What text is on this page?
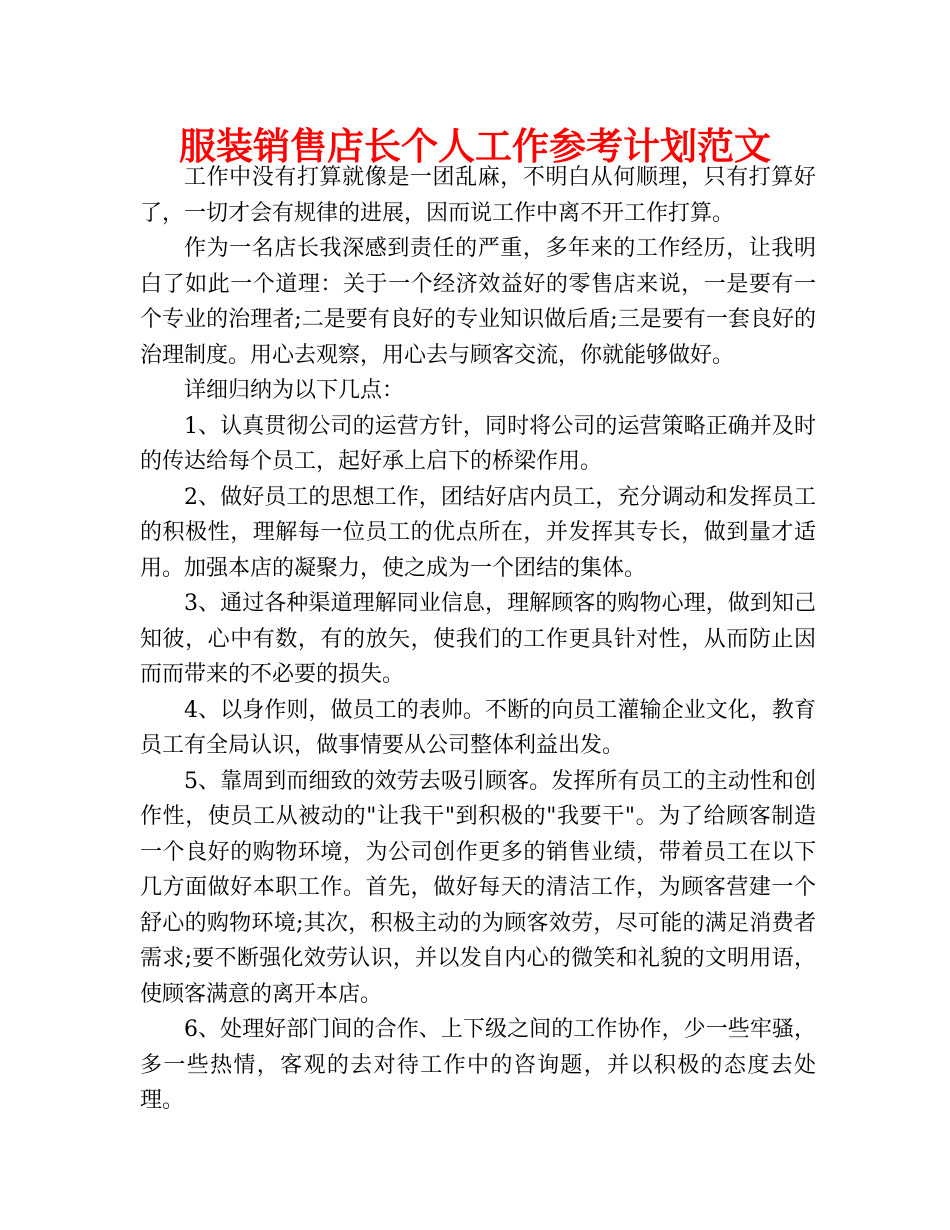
服装销售店长个人工作参考计划范文

工作中没有打算就像是一团乱麻，不明白从何顺理，只有打算好了，一切才会有规律的进展，因而说工作中离不开工作打算。

作为一名店长我深感到责任的严重，多年来的工作经历，让我明白了如此一个道理：关于一个经济效益好的零售店来说，一是要有一个专业的治理者;二是要有良好的专业知识做后盾;三是要有一套良好的治理制度。用心去观察，用心去与顾客交流，你就能够做好。

详细归纳为以下几点：

1、认真贯彻公司的运营方针，同时将公司的运营策略正确并及时的传达给每个员工，起好承上启下的桥梁作用。

2、做好员工的思想工作，团结好店内员工，充分调动和发挥员工的积极性，理解每一位员工的优点所在，并发挥其专长，做到量才适用。加强本店的凝聚力，使之成为一个团结的集体。

3、通过各种渠道理解同业信息，理解顾客的购物心理，做到知己知彼，心中有数，有的放矢，使我们的工作更具针对性，从而防止因而而带来的不必要的损失。

4、以身作则，做员工的表帅。不断的向员工灌输企业文化，教育员工有全局认识，做事情要从公司整体利益出发。

5、靠周到而细致的效劳去吸引顾客。发挥所有员工的主动性和创作性，使员工从被动的"让我干"到积极的"我要干"。为了给顾客制造一个良好的购物环境，为公司创作更多的销售业绩，带着员工在以下几方面做好本职工作。首先，做好每天的清洁工作，为顾客营建一个舒心的购物环境;其次，积极主动的为顾客效劳，尽可能的满足消费者需求;要不断强化效劳认识，并以发自内心的微笑和礼貌的文明用语，使顾客满意的离开本店。

6、处理好部门间的合作、上下级之间的工作协作，少一些牢骚，多一些热情，客观的去对待工作中的咨询题，并以积极的态度去处理。
